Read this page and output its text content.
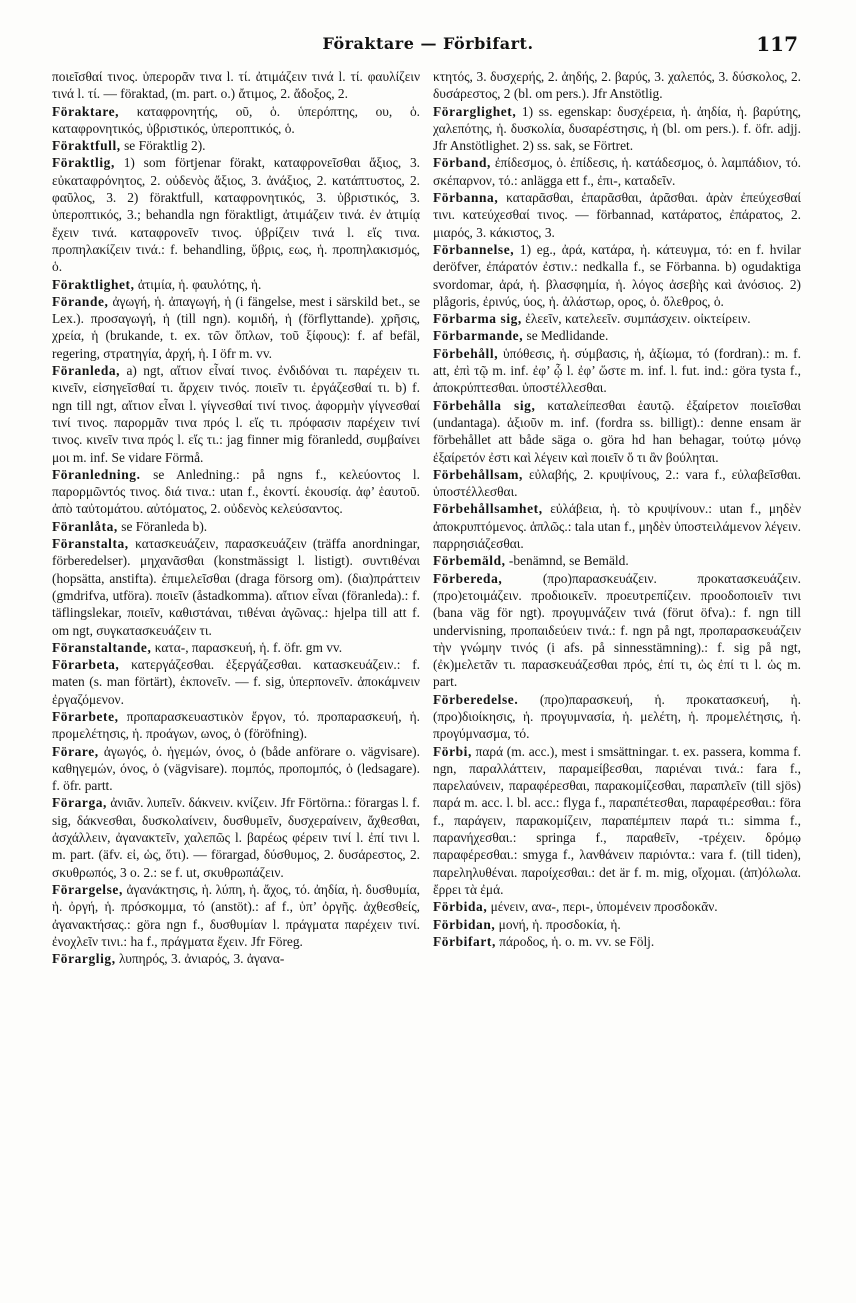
Föraktare — Förbifart.	117

ποιεῖσθαί τινος. ὑπερορᾶν τινα l. τί. ἀτιμάζειν τινά l. τί. φαυλίζειν τινά l. τί. — föraktad, (m. part. o.) ἄτιμος, 2. ἄδοξος, 2.

Föraktare, καταφρονητής, οῦ, ὁ. ὑπερόπτης, ου, ὁ. καταφρονητικός, ὑβριστικός, ὑπεροπτικός, ὁ.

Föraktfull, se Föraktlig 2).

Föraktlig, 1) som förtjenar förakt, καταφρονεῖσθαι ἄξιος, 3. εὐκαταφρόνητος, 2. οὐδενὸς ἄξιος, 3. ἀνάξιος, 2. κατάπτυστος, 2. φαῦλος, 3. 2) föraktfull, καταφρονητικός, 3. ὑβριστικός, 3. ὑπεροπτικός, 3.; behandla ngn föraktligt, ἀτιμάζειν τινά. ἐν ἀτιμίᾳ ἔχειν τινά. καταφρονεῖν τινος. ὑβρίζειν τινά l. εἴς τινα. προπηλακίζειν τινά.: f. behandling, ὕβρις, εως, ἡ. προπηλακισμός, ὁ.

Föraktlighet, ἀτιμία, ἡ. φαυλότης, ἡ.

Förande, ἀγωγή, ἡ. ἀπαγωγή, ἡ (i fängelse, mest i särskild bet., se Lex.). προσαγωγή, ἡ (till ngn). κομιδή, ἡ (förflyttande). χρῆσις, χρεία, ἡ (brukande, t. ex. τῶν ὅπλων, τοῦ ξίφους): f. af befäl, regering, στρατηγία, ἀρχή, ἡ. I öfr m. vv.

Föranleda, a) ngt, αἴτιον εἶναί τινος. ἐνδιδόναι τι. παρέχειν τι. κινεῖν, εἰσηγεῖσθαί τι. ἄρχειν τινός. ποιεῖν τι. ἐργάζεσθαί τι. b) f. ngn till ngt, αἴτιον εἶναι l. γίγνεσθαί τινί τινος. ἀφορμὴν γίγνεσθαί τινί τινος. παρορμᾶν τινα πρός l. εἴς τι. πρόφασιν παρέχειν τινί τινος. κινεῖν τινα πρός l. εἴς τι.: jag finner mig föranledd, συμβαίνει μοι m. inf. Se vidare Förmå.

Föranledning. se Anledning.: på ngns f., κελεύοντος l. παρορμῶντός τινος. διά τινα.: utan f., ἑκοντί. ἑκουσίᾳ. ἀφ’ ἑαυτοῦ. ἀπὸ ταὐτομάτου. αὐτόματος, 2. οὐδενὸς κελεύσαντος.

Föranlåta, se Föranleda b).

Föranstalta, κατασκευάζειν, παρασκευάζειν (träffa anordningar, förberedelser). μηχανᾶσθαι (konstmässigt l. listigt). συντιθέναι (hopsätta, anstifta). ἐπιμελεῖσθαι (draga försorg om). (δια)πράττειν (gmdrifva, utföra). ποιεῖν (åstadkomma). αἴτιον εἶναι (föranleda).: f. täflingslekar, ποιεῖν, καθιστάναι, τιθέναι ἀγῶνας.: hjelpa till att f. om ngt, συγκατασκευάζειν τι.

Föranstaltande, κατα-, παρασκευή, ἡ. f. öfr. gm vv.

Förarbeta, κατεργάζεσθαι. ἐξεργάζεσθαι. κατασκευάζειν.: f. maten (s. man förtärt), ἐκπονεῖν. — f. sig, ὑπερπονεῖν. ἀποκάμνειν ἐργαζόμενον.

Förarbete, προπαρασκευαστικὸν ἔργον, τό. προπαρασκευή, ἡ. προμελέτησις, ἡ. προάγων, ωνος, ὁ (föröfning).

Förare, ἀγωγός, ὁ. ἡγεμών, όνος, ὁ (både anförare o. vägvisare). καθηγεμών, όνος, ὁ (vägvisare). πομπός, προπομπός, ὁ (ledsagare). f. öfr. partt.

Förarga, ἀνιᾶν. λυπεῖν. δάκνειν. κνίζειν. Jfr Förtörna.: förargas l. f. sig, δάκνεσθαι, δυσκολαίνειν, δυσθυμεῖν, δυσχεραίνειν, ἄχθεσθαι, ἀσχάλλειν, ἀγανακτεῖν, χαλεπῶς l. βαρέως φέρειν τινί l. ἐπί τινι l. m. part. (äfv. εἰ, ὡς, ὅτι). — förargad, δύσθυμος, 2. δυσάρεστος, 2. σκυθρωπός, 3 o. 2.: se f. ut, σκυθρωπάζειν.

Förargelse, ἀγανάκτησις, ἡ. λύπη, ἡ. ἄχος, τό. ἀηδία, ἡ. δυσθυμία, ἡ. ὀργή, ἡ. πρόσκομμα, τό (anstöt).: af f., ὑπ’ ὀργῆς. ἀχθεσθείς, ἀγανακτήσας.: göra ngn f., δυσθυμίαν l. πράγματα παρέχειν τινί. ἐνοχλεῖν τινι.: ha f., πράγματα ἔχειν. Jfr Föreg.

Förarglig, λυπηρός, 3. ἀνιαρός, 3. ἀγανα-

κτητός, 3. δυσχερής, 2. ἀηδής, 2. βαρύς, 3. χαλεπός, 3. δύσκολος, 2. δυσάρεστος, 2 (bl. om pers.). Jfr Anstötlig.

Förarglighet, 1) ss. egenskap: δυσχέρεια, ἡ. ἀηδία, ἡ. βαρύτης, χαλεπότης, ἡ. δυσκολία, δυσαρέστησις, ἡ (bl. om pers.). f. öfr. adjj. Jfr Anstötlighet. 2) ss. sak, se Förtret.

Förband, ἐπίδεσμος, ὁ. ἐπίδεσις, ἡ. κατάδεσμος, ὁ. λαμπάδιον, τό. σκέπαρνον, τό.: anlägga ett f., ἐπι-, καταδεῖν.

Förbanna, καταρᾶσθαι, ἐπαρᾶσθαι, ἀρᾶσθαι. ἀρὰν ἐπεύχεσθαί τινι. κατεύχεσθαί τινος. — förbannad, κατάρατος, ἐπάρατος, 2. μιαρός, 3. κάκιστος, 3.

Förbannelse, 1) eg., ἀρά, κατάρα, ἡ. κάτευγμα, τό: en f. hvilar deröfver, ἐπάρατόν ἐστιν.: nedkalla f., se Förbanna. b) ogudaktiga svordomar, ἀρά, ἡ. βλασφημία, ἡ. λόγος ἀσεβὴς καὶ ἀνόσιος. 2) plågoris, ἐρινύς, ύος, ἡ. ἀλάστωρ, ορος, ὁ. ὄλεθρος, ὁ.

Förbarma sig, ἐλεεῖν, κατελεεῖν. συμπάσχειν. οἰκτείρειν.

Förbarmande, se Medlidande.

Förbehåll, ὑπόθεσις, ἡ. σύμβασις, ἡ, ἀξίωμα, τό (fordran).: m. f. att, ἐπὶ τῷ m. inf. ἐφ’ ᾧ l. ἐφ’ ὥστε m. inf. l. fut. ind.: göra tysta f., ἀποκρύπτεσθαι. ὑποστέλλεσθαι.

Förbehålla sig, καταλείπεσθαι ἑαυτῷ. ἐξαίρετον ποιεῖσθαι (undantaga). ἀξιοῦν m. inf. (fordra ss. billigt).: denne ensam är förbehållet att både säga o. göra hd han behagar, τούτῳ μόνῳ ἐξαίρετόν ἐστι καὶ λέγειν καὶ ποιεῖν ὅ τι ἂν βούληται.

Förbehållsam, εὐλαβής, 2. κρυψίνους, 2.: vara f., εὐλαβεῖσθαι. ὑποστέλλεσθαι.

Förbehållsamhet, εὐλάβεια, ἡ. τὸ κρυψίνουν.: utan f., μηδὲν ἀποκρυπτόμενος. ἁπλῶς.: tala utan f., μηδὲν ὑποστειλάμενον λέγειν. παρρησιάζεσθαι.

Förbemäld, -benämnd, se Bemäld.

Förbereda, (προ)παρασκευάζειν. προκατασκευάζειν. (προ)ετοιμάζειν. προδιοικεῖν. προευτρεπίζειν. προοδοποιεῖν τινι (bana väg för ngt). προγυμνάζειν τινά (förut öfva).: f. ngn till undervisning, προπαιδεύειν τινά.: f. ngn på ngt, προπαρασκευάζειν τὴν γνώμην τινός (i afs. på sinnesstämning).: f. sig på ngt, (ἐκ)μελετᾶν τι. παρασκευάζεσθαι πρός, ἐπί τι, ὡς ἐπί τι l. ὡς m. part.

Förberedelse. (προ)παρασκευή, ἡ. προκατασκευή, ἡ. (προ)διοίκησις, ἡ. προγυμνασία, ἡ. μελέτη, ἡ. προμελέτησις, ἡ. προγύμνασμα, τό.

Förbi, παρά (m. acc.), mest i smsättningar. t. ex. passera, komma f. ngn, παραλλάττειν, παραμείβεσθαι, παριέναι τινά.: fara f., παρελαύνειν, παραφέρεσθαι, παρακομίζεσθαι, παραπλεῖν (till sjös) παρά m. acc. l. bl. acc.: flyga f., παραπέτεσθαι, παραφέρεσθαι.: föra f., παράγειν, παρακομίζειν, παραπέμπειν παρά τι.: simma f., παρανήχεσθαι.: springa f., παραθεῖν, -τρέχειν. δρόμῳ παραφέρεσθαι.: smyga f., λανθάνειν παριόντα.: vara f. (till tiden), παρεληλυθέναι. παροίχεσθαι.: det är f. m. mig, οἴχομαι. (ἀπ)όλωλα. ἔρρει τὰ ἐμά.

Förbida, μένειν, ανα-, περι-, ὑπομένειν προσδοκᾶν.

Förbidan, μονή, ἡ. προσδοκία, ἡ.

Förbifart, πάροδος, ἡ. o. m. vv. se Följ.
